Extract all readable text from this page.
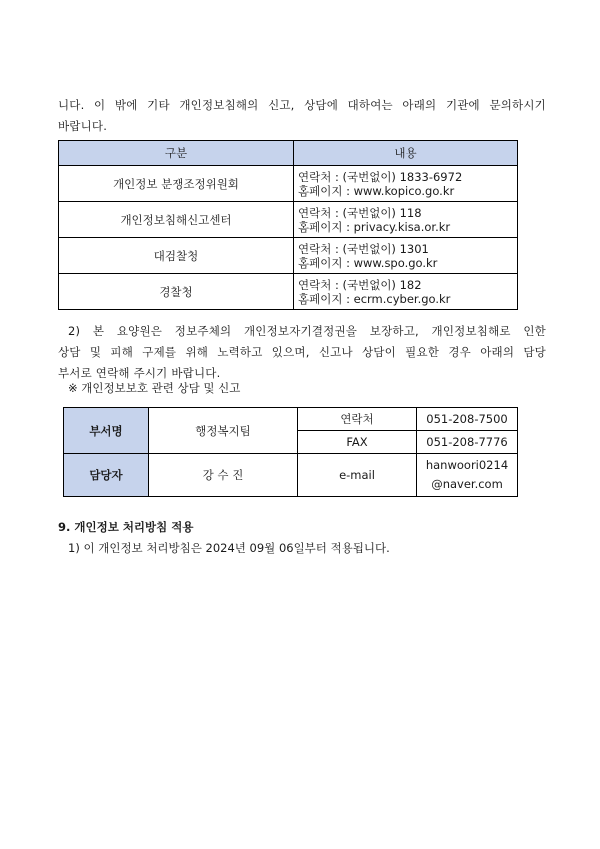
니다. 이 밖에 기타 개인정보침해의 신고, 상담에 대하여는 아래의 기관에 문의하시기
바랍니다.
구분	내용
개인정보 분쟁조정위원회	연락처 : (국번없이) 1833-6972
홈페이지 : www.kopico.go.kr

개인정보침해신고센터	연락처 : (국번없이) 118
홈페이지 : privacy.kisa.or.kr

대검찰청	연락처 : (국번없이) 1301
홈페이지 : www.spo.go.kr

경찰청	연락처 : (국번없이) 182
홈페이지 : ecrm.cyber.go.kr
2) 본 요양원은 정보주체의 개인정보자기결정권을 보장하고, 개인정보침해로 인한
상담 및 피해 구제를 위해 노력하고 있으며, 신고나 상담이 필요한 경우 아래의 담당
부서로 연락해 주시기 바랍니다.
※ 개인정보보호 관련 상담 및 신고
부서명	행정복지팀	연락처	051-208-7500
		FAX	051-208-7776
담당자	강 수 진	e-mail	hanwoori0214
@naver.com
9. 개인정보 처리방침 적용
1) 이 개인정보 처리방침은 2024년 09월 06일부터 적용됩니다.
